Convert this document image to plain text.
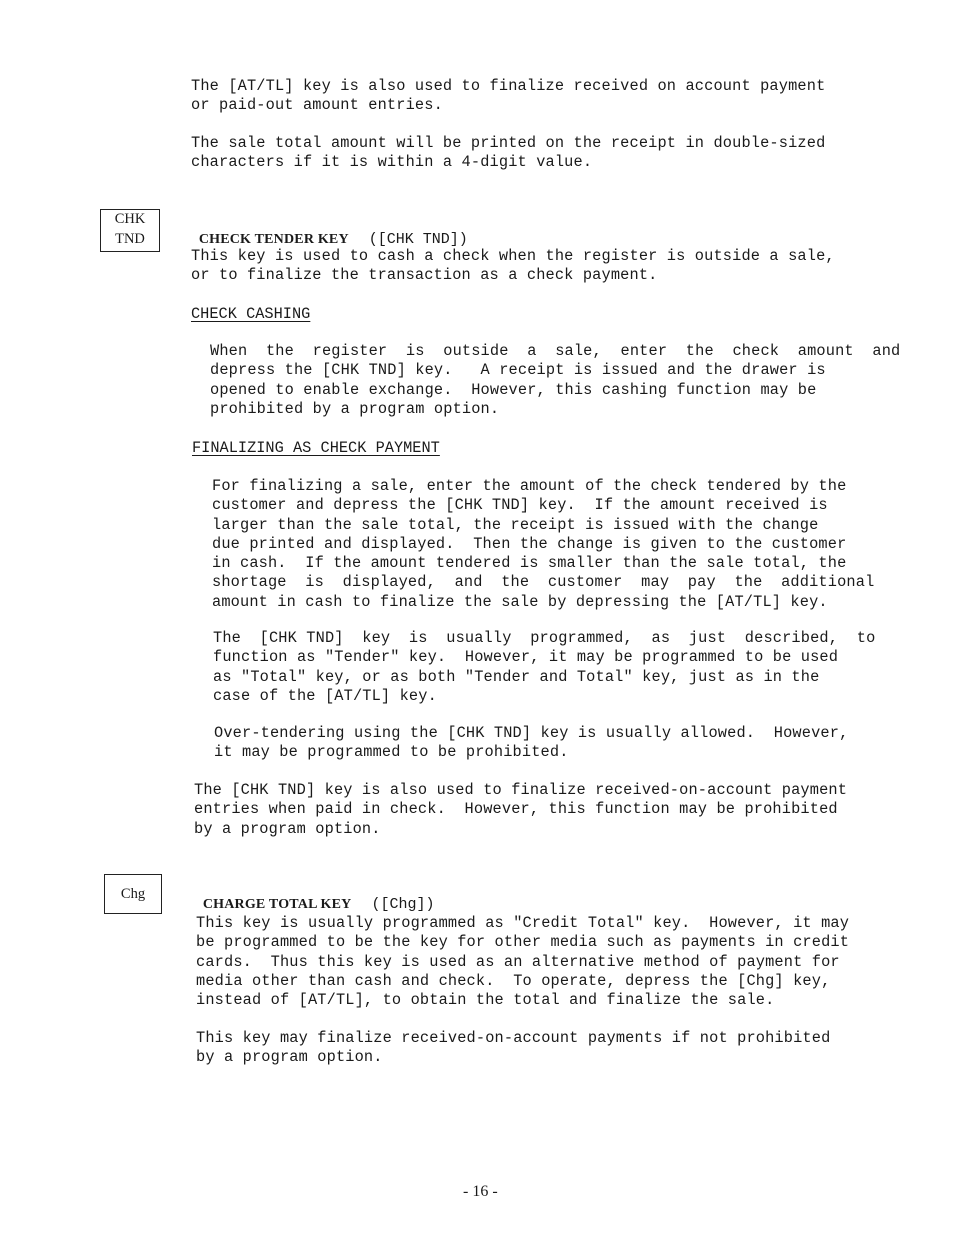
The [AT/TL] key is also used to finalize received on account payment
or paid-out amount entries.

The sale total amount will be printed on the receipt in double-sized
characters if it is within a 4-digit value.

CHK
TND	CHECK TENDER KEY ([CHK TND])

This key is used to cash a check when the register is outside a sale,
or to finalize the transaction as a check payment.

CHECK CASHING

When  the  register  is  outside  a  sale,  enter  the  check  amount  and
depress the [CHK TND] key.   A receipt is issued and the drawer is
opened to enable exchange.  However, this cashing function may be
prohibited by a program option.

FINALIZING AS CHECK PAYMENT

For finalizing a sale, enter the amount of the check tendered by the
customer and depress the [CHK TND] key.  If the amount received is
larger than the sale total, the receipt is issued with the change
due printed and displayed.  Then the change is given to the customer
in cash.  If the amount tendered is smaller than the sale total, the
shortage  is  displayed,  and  the  customer  may  pay  the  additional
amount in cash to finalize the sale by depressing the [AT/TL] key.

The  [CHK TND]  key  is  usually  programmed,  as  just  described,  to
function as "Tender" key.  However, it may be programmed to be used
as "Total" key, or as both "Tender and Total" key, just as in the
case of the [AT/TL] key.

Over-tendering using the [CHK TND] key is usually allowed.  However,
it may be programmed to be prohibited.

The [CHK TND] key is also used to finalize received-on-account payment
entries when paid in check.  However, this function may be prohibited
by a program option.

Chg

CHARGE TOTAL KEY ([Chg])

This key is usually programmed as "Credit Total" key.  However, it may
be programmed to be the key for other media such as payments in credit
cards.  Thus this key is used as an alternative method of payment for
media other than cash and check.  To operate, depress the [Chg] key,
instead of [AT/TL], to obtain the total and finalize the sale.

This key may finalize received-on-account payments if not prohibited
by a program option.

- 16 -
